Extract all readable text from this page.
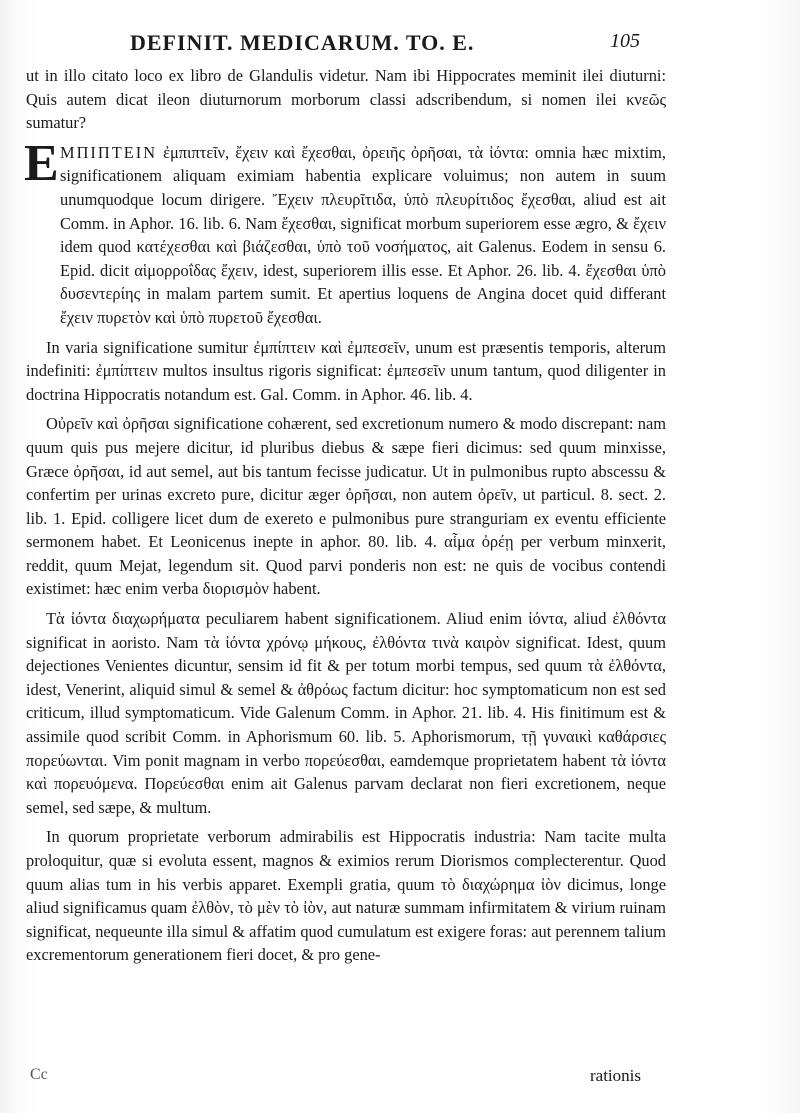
DEFINIT. MEDICARUM. TO. E.	105

ut in illo citato loco ex libro de Glandulis videtur. Nam ibi Hippocrates meminit ilei diuturni: Quis autem dicat ileon diuturnorum morborum classi adscribendum, si nomen ilei κνεῶς sumatur?

E ΜΠΙΠΤΕΙΝ ἐμπιπτεῖν, ἔχειν καὶ ἔχεσθαι, ὀρειῆς ὀρῆσαι, τὰ ἰόντα: omnia hæc mixtim, significationem aliquam eximiam habentia explicare voluimus; non autem in suum unumquodque locum dirigere. Ἔχειν πλευρῖτιδα, ὑπὸ πλευρίτιδος ἔχεσθαι, aliud est ait Comm. in Aphor. 16. lib. 6. Nam ἔχεσθαι, significat morbum superiorem esse ægro, & ἔχειν idem quod κατέχεσθαι καὶ βιάζεσθαι, ὑπὸ τοῦ νοσήματος, ait Galenus. Eodem in sensu 6. Epid. dicit αἱμορροΐδας ἔχειν, idest, superiorem illis esse. Et Aphor. 26. lib. 4. ἔχεσθαι ὑπὸ δυσεντερίης in malam partem sumit. Et apertius loquens de Angina docet quid differant ἔχειν πυρετὸν καὶ ὑπὸ πυρετοῦ ἔχεσθαι.

In varia significatione sumitur ἐμπίπτειν καὶ ἐμπεσεῖν, unum est præsentis temporis, alterum indefiniti: ἐμπίπτειν multos insultus rigoris significat: ἐμπεσεῖν unum tantum, quod diligenter in doctrina Hippocratis notandum est. Gal. Comm. in Aphor. 46. lib. 4.

Οὐρεῖν καὶ ὀρῆσαι significatione cohærent, sed excretionum numero & modo discrepant: nam quum quis pus mejere dicitur, id pluribus diebus & sæpe fieri dicimus: sed quum minxisse, Græce ὀρῆσαι, id aut semel, aut bis tantum fecisse judicatur. Ut in pulmonibus rupto abscessu & confertim per urinas excreto pure, dicitur æger ὀρῆσαι, non autem ὀρεῖν, ut particul. 8. sect. 2. lib. 1. Epid. colligere licet dum de exereto e pulmonibus pure stranguriam ex eventu efficiente sermonem habet. Et Leonicenus inepte in aphor. 80. lib. 4. αἷμα ὀρέῃ per verbum minxerit, reddit, quum Mejat, legendum sit. Quod parvi ponderis non est: ne quis de vocibus contendi existimet: hæc enim verba διορισμὸν habent.

Τὰ ἰόντα διαχωρήματα peculiarem habent significationem. Aliud enim ἰόντα, aliud ἐλθόντα significat in aoristo. Nam τὰ ἰόντα χρόνῳ μήκους, ἐλθόντα τινὰ καιρὸν significat. Idest, quum dejectiones Venientes dicuntur, sensim id fit & per totum morbi tempus, sed quum τὰ ἐλθόντα, idest, Venerint, aliquid simul & semel & ἀθρόως factum dicitur: hoc symptomaticum non est sed criticum, illud symptomaticum. Vide Galenum Comm. in Aphor. 21. lib. 4. His finitimum est & assimile quod scribit Comm. in Aphorismum 60. lib. 5. Aphorismorum, τῇ γυναικὶ καθάρσιες πορεύωνται. Vim ponit magnam in verbo πορεύεσθαι, eamdemque proprietatem habent τὰ ἰόντα καὶ πορευόμενα. Πορεύεσθαι enim ait Galenus parvam declarat non fieri excretionem, neque semel, sed sæpe, & multum.

In quorum proprietate verborum admirabilis est Hippocratis industria: Nam tacite multa proloquitur, quæ si evoluta essent, magnos & eximios rerum Diorismos complecterentur. Quod quum alias tum in his verbis apparet. Exempli gratia, quum τὸ διαχώρημα ἰὸν dicimus, longe aliud significamus quam ἐλθὸν, τὸ μὲν τὸ ἰὸν, aut naturæ summam infirmitatem & virium ruinam significat, nequeunte illa simul & affatim quod cumulatum est exigere foras: aut perennem talium excrementorum generationem fieri docet, & pro gene-

Cc	rationis
